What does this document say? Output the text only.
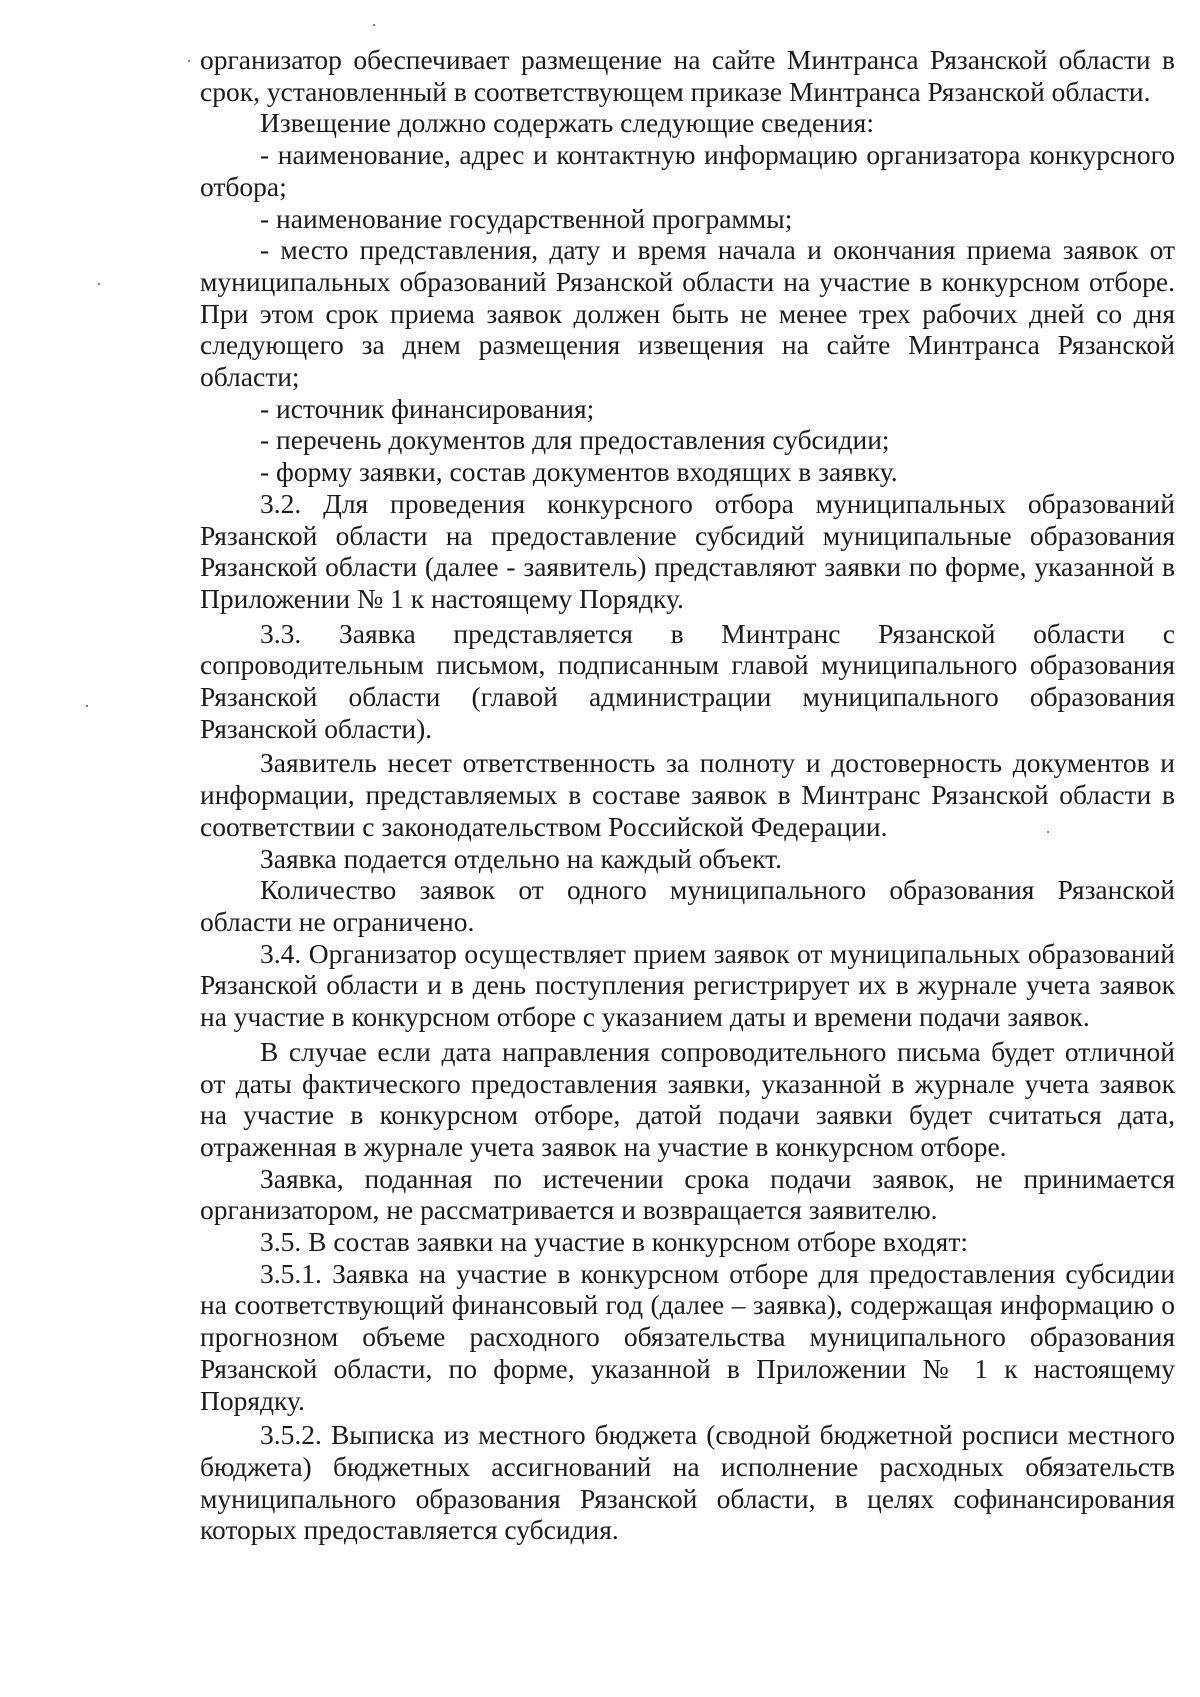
организатор обеспечивает размещение на сайте Минтранса Рязанской области в срок, установленный в соответствующем приказе Минтранса Рязанской области.

Извещение должно содержать следующие сведения:

- наименование, адрес и контактную информацию организатора конкурсного отбора;

- наименование государственной программы;

- место представления, дату и время начала и окончания приема заявок от муниципальных образований Рязанской области на участие в конкурсном отборе. При этом срок приема заявок должен быть не менее трех рабочих дней со дня следующего за днем размещения извещения на сайте Минтранса Рязанской области;

- источник финансирования;

- перечень документов для предоставления субсидии;

- форму заявки, состав документов входящих в заявку.

3.2. Для проведения конкурсного отбора муниципальных образований Рязанской области на предоставление субсидий муниципальные образования Рязанской области (далее - заявитель) представляют заявки по форме, указанной в Приложении № 1 к настоящему Порядку.

3.3. Заявка представляется в Минтранс Рязанской области с сопроводительным письмом, подписанным главой муниципального образования Рязанской области (главой администрации муниципального образования Рязанской области).

Заявитель несет ответственность за полноту и достоверность документов и информации, представляемых в составе заявок в Минтранс Рязанской области в соответствии с законодательством Российской Федерации.

Заявка подается отдельно на каждый объект.

Количество заявок от одного муниципального образования Рязанской области не ограничено.

3.4. Организатор осуществляет прием заявок от муниципальных образований Рязанской области и в день поступления регистрирует их в журнале учета заявок на участие в конкурсном отборе с указанием даты и времени подачи заявок.

В случае если дата направления сопроводительного письма будет отличной от даты фактического предоставления заявки, указанной в журнале учета заявок на участие в конкурсном отборе, датой подачи заявки будет считаться дата, отраженная в журнале учета заявок на участие в конкурсном отборе.

Заявка, поданная по истечении срока подачи заявок, не принимается организатором, не рассматривается и возвращается заявителю.

3.5. В состав заявки на участие в конкурсном отборе входят:

3.5.1. Заявка на участие в конкурсном отборе для предоставления субсидии на соответствующий финансовый год (далее – заявка), содержащая информацию о прогнозном объеме расходного обязательства муниципального образования Рязанской области, по форме, указанной в Приложении № 1 к настоящему Порядку.

3.5.2. Выписка из местного бюджета (сводной бюджетной росписи местного бюджета) бюджетных ассигнований на исполнение расходных обязательств муниципального образования Рязанской области, в целях софинансирования которых предоставляется субсидия.
